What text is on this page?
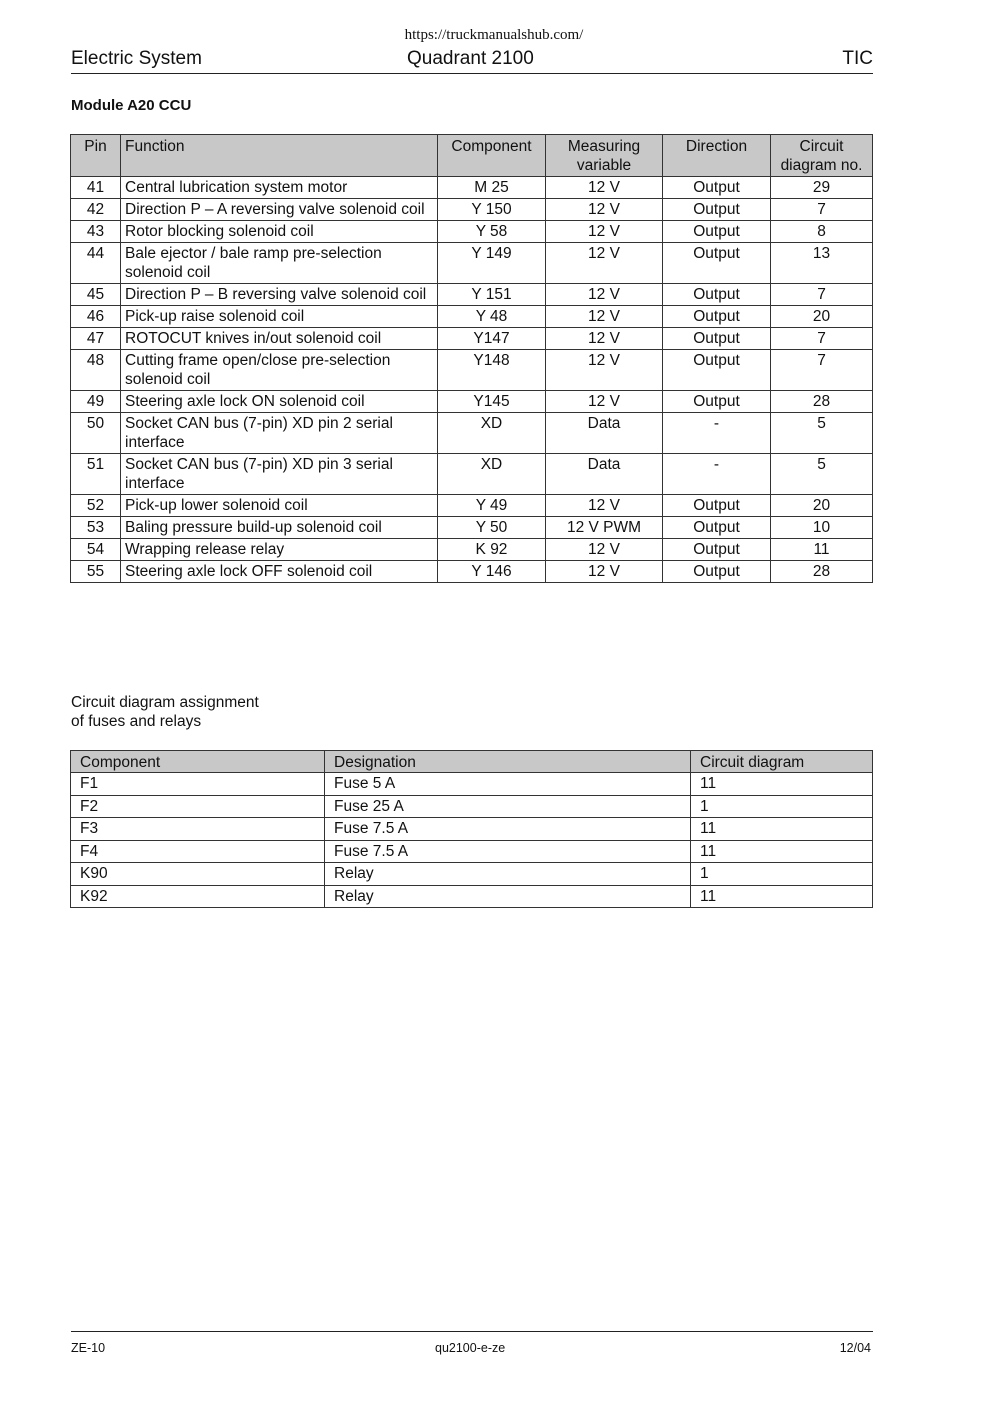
https://truckmanualshub.com/
Electric System	Quadrant 2100	TIC
Module A20 CCU
Pin	Function	Component	Measuring variable	Direction	Circuit diagram no.
41	Central lubrication system motor	M 25	12 V	Output	29
42	Direction P – A reversing valve solenoid coil	Y 150	12 V	Output	7
43	Rotor blocking solenoid coil	Y 58	12 V	Output	8
44	Bale ejector / bale ramp pre-selection solenoid coil	Y 149	12 V	Output	13
45	Direction P – B reversing valve solenoid coil	Y 151	12 V	Output	7
46	Pick-up raise solenoid coil	Y 48	12 V	Output	20
47	ROTOCUT knives in/out solenoid coil	Y147	12 V	Output	7
48	Cutting frame open/close pre-selection solenoid coil	Y148	12 V	Output	7
49	Steering axle lock ON solenoid coil	Y145	12 V	Output	28
50	Socket CAN bus (7-pin) XD pin 2 serial interface	XD	Data	-	5
51	Socket CAN bus (7-pin) XD pin 3 serial interface	XD	Data	-	5
52	Pick-up lower solenoid coil	Y 49	12 V	Output	20
53	Baling pressure build-up solenoid coil	Y 50	12 V PWM	Output	10
54	Wrapping release relay	K 92	12 V	Output	11
55	Steering axle lock OFF solenoid coil	Y 146	12 V	Output	28
Circuit diagram assignment
of fuses and relays
Component	Designation	Circuit diagram
F1	Fuse 5 A	11
F2	Fuse 25 A	1
F3	Fuse 7.5 A	11
F4	Fuse 7.5 A	11
K90	Relay	1
K92	Relay	11
ZE-10	qu2100-e-ze	12/04
